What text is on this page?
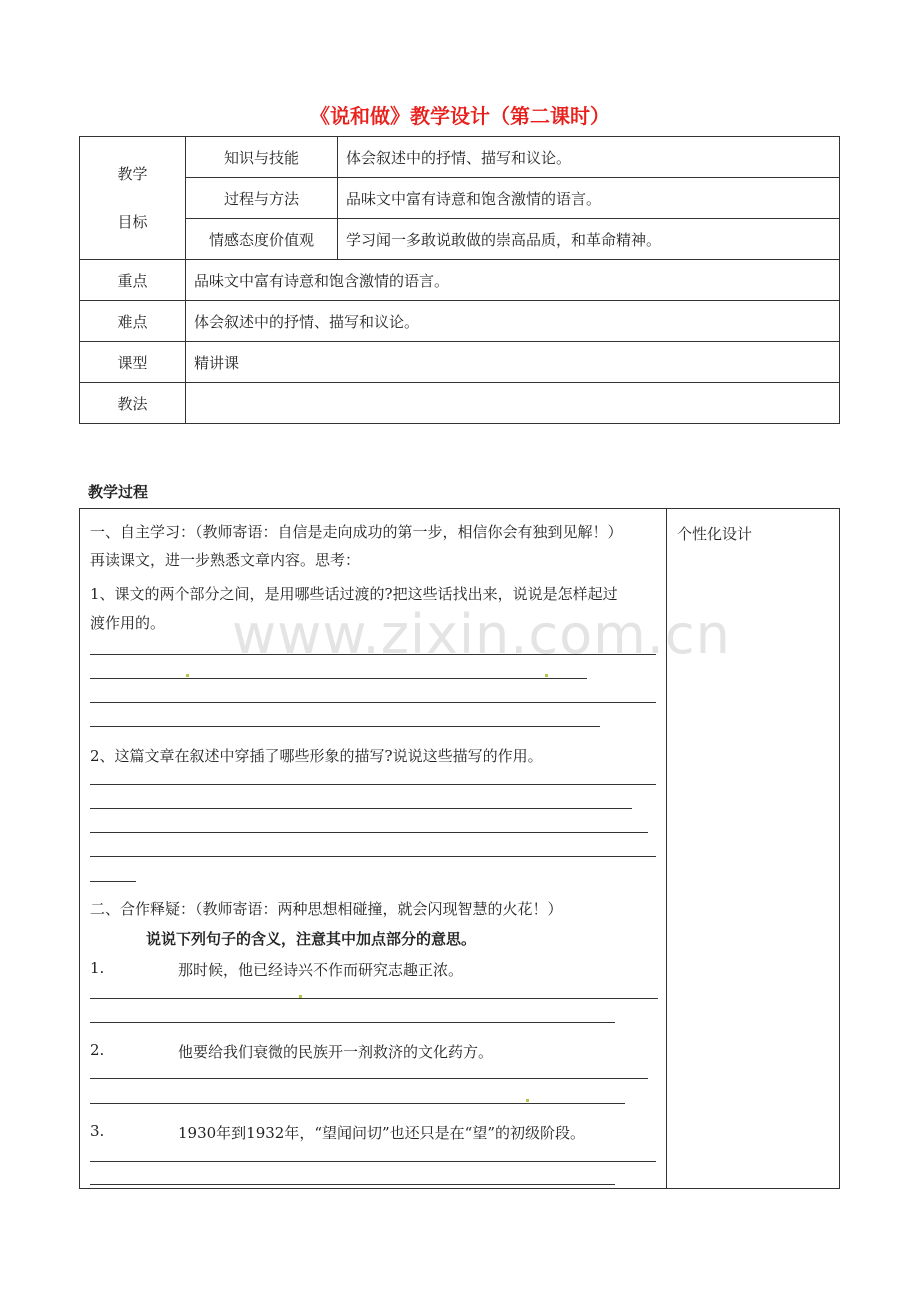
《说和做》教学设计（第二课时）
教学
目标	知识与技能	体会叙述中的抒情、描写和议论。
	过程与方法	品味文中富有诗意和饱含激情的语言。
	情感态度价值观	学习闻一多敢说敢做的崇高品质，和革命精神。
重点	品味文中富有诗意和饱含激情的语言。	
难点	体会叙述中的抒情、描写和议论。	
课型	精讲课	
教法		
教学过程
个性化设计
一、自主学习：（教师寄语：自信是走向成功的第一步，相信你会有独到见解！）
再读课文，进一步熟悉文章内容。思考：
1、课文的两个部分之间，是用哪些话过渡的?把这些话找出来，说说是怎样起过
渡作用的。
2、这篇文章在叙述中穿插了哪些形象的描写?说说这些描写的作用。
二、合作释疑：（教师寄语：两种思想相碰撞，就会闪现智慧的火花！）
说说下列句子的含义，注意其中加点部分的意思。
1.	那时候，他已经诗兴不作而研究志趣正浓。
2.	他要给我们衰微的民族开一剂救济的文化药方。
3.	1930年到1932年，“望闻问切”也还只是在“望”的初级阶段。
www.zixin.com.cn
